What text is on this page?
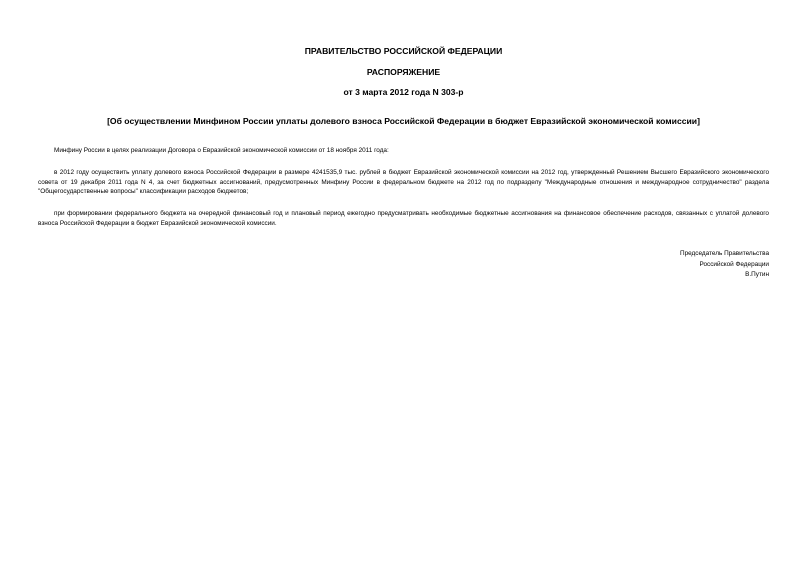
ПРАВИТЕЛЬСТВО РОССИЙСКОЙ ФЕДЕРАЦИИ
РАСПОРЯЖЕНИЕ
от 3 марта 2012 года N 303-р
[Об осуществлении Минфином России уплаты долевого взноса Российской Федерации в бюджет Евразийской экономической комиссии]
Минфину России в целях реализации Договора о Евразийской экономической комиссии от 18 ноября 2011 года:
в 2012 году осуществить уплату долевого взноса Российской Федерации в размере 4241535,9 тыс. рублей в бюджет Евразийской экономической комиссии на 2012 год, утвержденный Решением Высшего Евразийского экономического совета от 19 декабря 2011 года N 4, за счет бюджетных ассигнований, предусмотренных Минфину России в федеральном бюджете на 2012 год по подразделу "Международные отношения и международное сотрудничество" раздела "Общегосударственные вопросы" классификации расходов бюджетов;
при формировании федерального бюджета на очередной финансовый год и плановый период ежегодно предусматривать необходимые бюджетные ассигнования на финансовое обеспечение расходов, связанных с уплатой долевого взноса Российской Федерации в бюджет Евразийской экономической комиссии.
Председатель Правительства
Российской Федерации
В.Путин
